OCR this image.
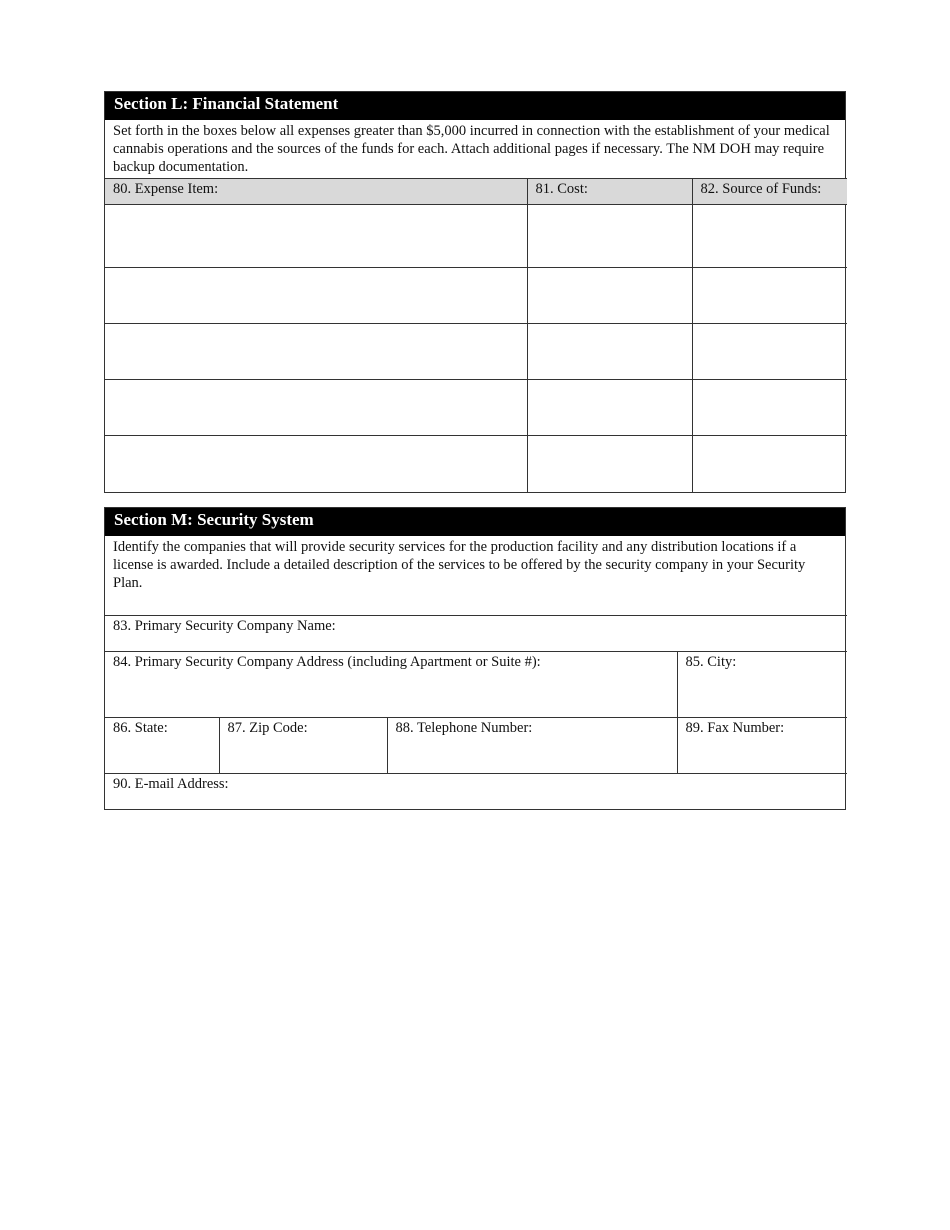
Section L: Financial Statement
Set forth in the boxes below all expenses greater than $5,000 incurred in connection with the establishment of your medical cannabis operations and the sources of the funds for each. Attach additional pages if necessary. The NM DOH may require backup documentation.
80. Expense Item:	81. Cost:	82. Source of Funds:

Section M: Security System
Identify the companies that will provide security services for the production facility and any distribution locations if a license is awarded. Include a detailed description of the services to be offered by the security company in your Security Plan.
83. Primary Security Company Name:			
84. Primary Security Company Address (including Apartment or Suite #):			85. City:
86. State:	87. Zip Code:	88. Telephone Number:	89. Fax Number:
90. E-mail Address:			
